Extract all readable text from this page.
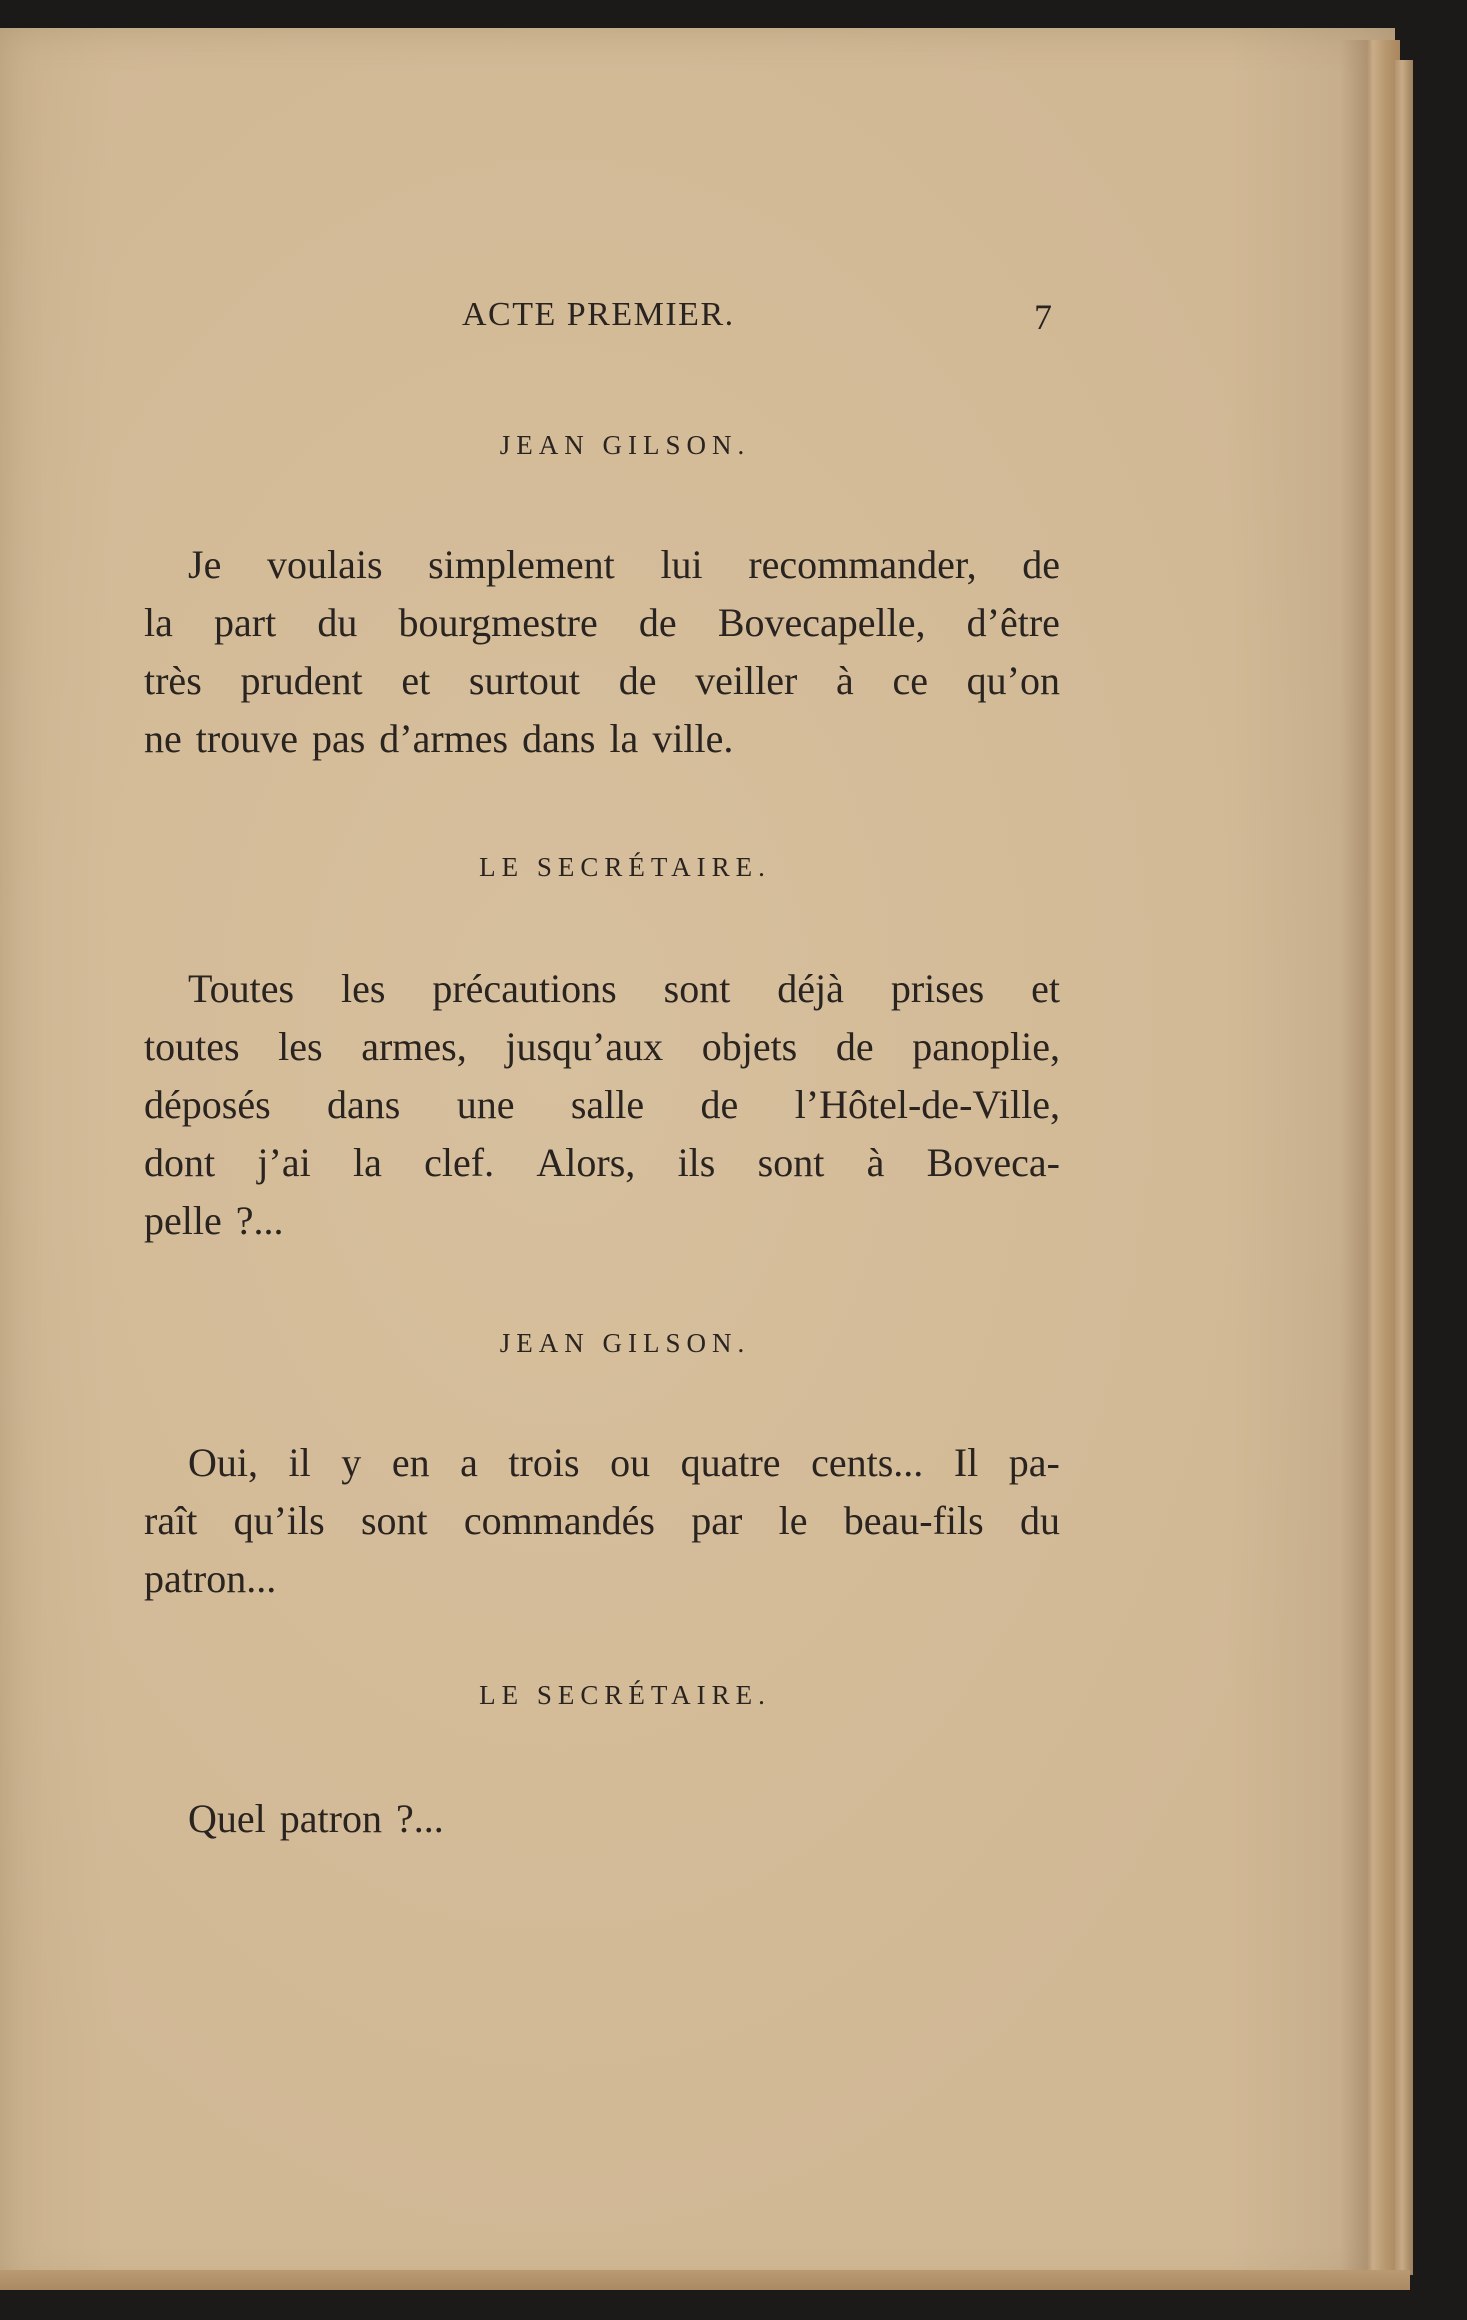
ACTE PREMIER.	7
JEAN GILSON.
Je voulais simplement lui recommander, de
la part du bourgmestre de Bovecapelle, d’être
très prudent et surtout de veiller à ce qu’on
ne trouve pas d’armes dans la ville.
LE SECRÉTAIRE.
Toutes les précautions sont déjà prises et
toutes les armes, jusqu’aux objets de panoplie,
déposés dans une salle de l’Hôtel-de-Ville,
dont j’ai la clef. Alors, ils sont à Boveca-
pelle ?...
JEAN GILSON.
Oui, il y en a trois ou quatre cents... Il pa-
raît qu’ils sont commandés par le beau-fils du
patron...
LE SECRÉTAIRE.
Quel patron ?...
